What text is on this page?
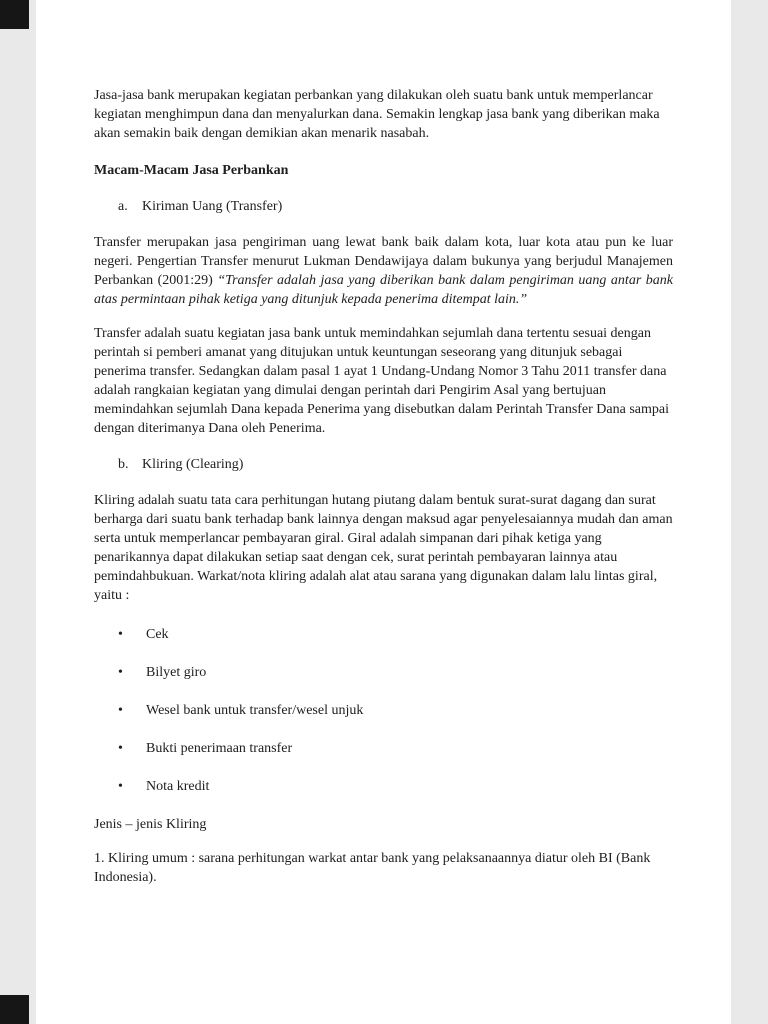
Jasa-jasa bank merupakan kegiatan perbankan yang dilakukan oleh suatu bank untuk memperlancar kegiatan menghimpun dana dan menyalurkan dana. Semakin lengkap jasa bank yang diberikan maka akan semakin baik dengan demikian akan menarik nasabah.

Macam-Macam Jasa Perbankan
a.	Kiriman Uang (Transfer)

Transfer merupakan jasa pengiriman uang lewat bank baik dalam kota, luar kota atau pun ke luar negeri. Pengertian Transfer menurut Lukman Dendawijaya dalam bukunya yang berjudul Manajemen Perbankan (2001:29) “Transfer adalah jasa yang diberikan bank dalam pengiriman uang antar bank atas permintaan pihak ketiga yang ditunjuk kepada penerima ditempat lain.”

Transfer adalah suatu kegiatan jasa bank untuk memindahkan sejumlah dana tertentu sesuai dengan perintah si pemberi amanat yang ditujukan untuk keuntungan seseorang yang ditunjuk sebagai penerima transfer. Sedangkan dalam pasal 1 ayat 1 Undang-Undang Nomor 3 Tahu 2011 transfer dana adalah rangkaian kegiatan yang dimulai dengan perintah dari Pengirim Asal yang bertujuan memindahkan sejumlah Dana kepada Penerima yang disebutkan dalam Perintah Transfer Dana sampai dengan diterimanya Dana oleh Penerima.

b. Kliring (Clearing)

Kliring adalah suatu tata cara perhitungan hutang piutang dalam bentuk surat-surat dagang dan surat berharga dari suatu bank terhadap bank lainnya dengan maksud agar penyelesaiannya mudah dan aman serta untuk memperlancar pembayaran giral. Giral adalah simpanan dari pihak ketiga yang penarikannya dapat dilakukan setiap saat dengan cek, surat perintah pembayaran lainnya atau pemindahbukuan. Warkat/nota kliring adalah alat atau sarana yang digunakan dalam lalu lintas giral, yaitu :

•	Cek
•	Bilyet giro
•	Wesel bank untuk transfer/wesel unjuk
•	Bukti penerimaan transfer
•	Nota kredit

Jenis – jenis Kliring

1. Kliring umum : sarana perhitungan warkat antar bank yang pelaksanaannya diatur oleh BI (Bank Indonesia).
